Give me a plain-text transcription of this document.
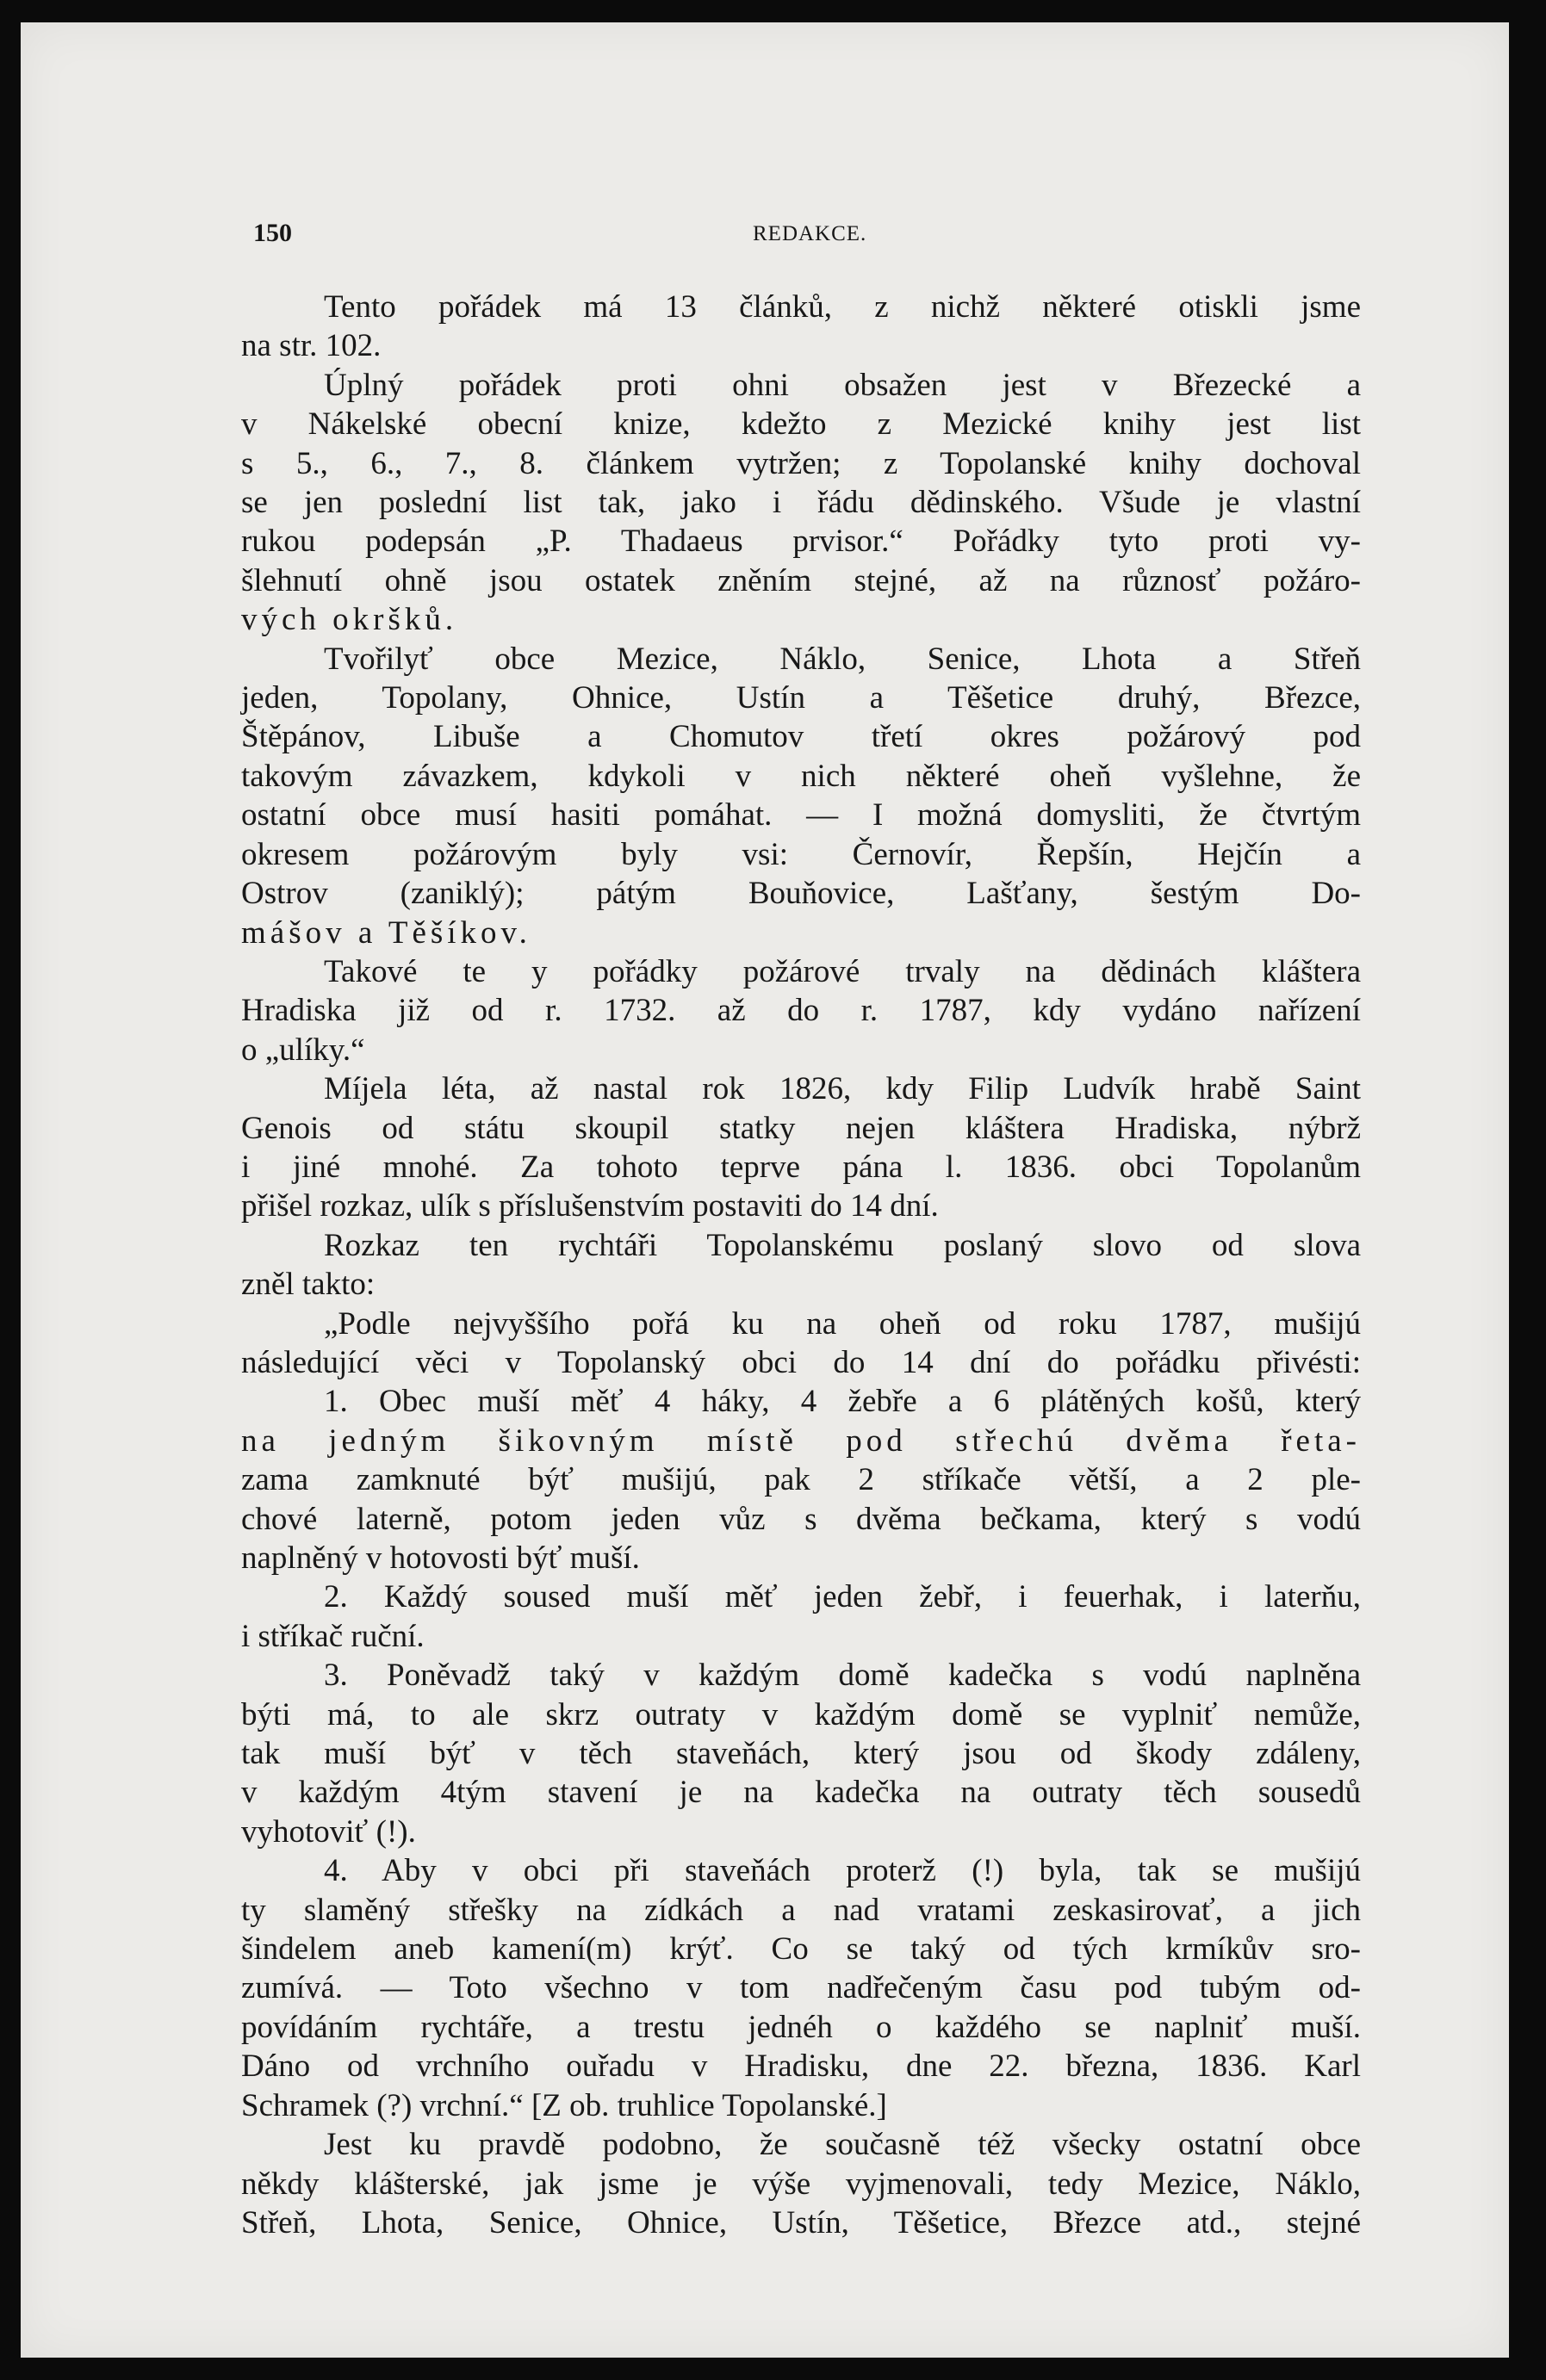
150	REDAKCE.
Tento pořádek má 13 článků, z nichž některé otiskli jsme
na str. 102.
Úplný pořádek proti ohni obsažen jest v Březecké a
v Nákelské obecní knize, kdežto z Mezické knihy jest list
s 5., 6., 7., 8. článkem vytržen; z Topolanské knihy dochoval
se jen poslední list tak, jako i řádu dědinského. Všude je vlastní
rukou podepsán „P. Thadaeus prvisor.“ Pořádky tyto proti vy-
šlehnutí ohně jsou ostatek zněním stejné, až na různosť požáro-
vých okršků.
Tvořilyť obce Mezice, Náklo, Senice, Lhota a Střeň
jeden, Topolany, Ohnice, Ustín a Těšetice druhý, Březce,
Štěpánov, Libuše a Chomutov třetí okres požárový pod
takovým závazkem, kdykoli v nich některé oheň vyšlehne, že
ostatní obce musí hasiti pomáhat. — I možná domysliti, že čtvrtým
okresem požárovým byly vsi: Černovír, Řepšín, Hejčín a
Ostrov (zaniklý); pátým Bouňovice, Lašťany, šestým Do-
mášov a Těšíkov.
Takové te y pořádky požárové trvaly na dědinách kláštera
Hradiska již od r. 1732. až do r. 1787, kdy vydáno nařízení
o „ulíky.“
Míjela léta, až nastal rok 1826, kdy Filip Ludvík hrabě Saint
Genois od státu skoupil statky nejen kláštera Hradiska, nýbrž
i jiné mnohé. Za tohoto teprve pána l. 1836. obci Topolanům
přišel rozkaz, ulík s příslušenstvím postaviti do 14 dní.
Rozkaz ten rychtáři Topolanskému poslaný slovo od slova
zněl takto:
„Podle nejvyššího pořá ku na oheň od roku 1787, mušijú
následující věci v Topolanský obci do 14 dní do pořádku přivésti:
1. Obec muší měť 4 háky, 4 žebře a 6 plátěných košů, který
na jedným šikovným místě pod střechú dvěma řeta-
zama zamknuté býť mušijú, pak 2 stříkače větší, a 2 ple-
chové laterně, potom jeden vůz s dvěma bečkama, který s vodú
naplněný v hotovosti býť muší.
2. Každý soused muší měť jeden žebř, i feuerhak, i laterňu,
i stříkač ruční.
3. Poněvadž taký v každým domě kadečka s vodú naplněna
býti má, to ale skrz outraty v každým domě se vyplniť nemůže,
tak muší býť v těch staveňách, který jsou od škody zdáleny,
v každým 4tým stavení je na kadečka na outraty těch sousedů
vyhotoviť (!).
4. Aby v obci při staveňách proterž (!) byla, tak se mušijú
ty slaměný střešky na zídkách a nad vratami zeskasirovať, a jich
šindelem aneb kamení(m) krýť. Co se taký od tých krmíkův sro-
zumívá. — Toto všechno v tom nadřečeným času pod tubým od-
povídáním rychtáře, a trestu jednéh o každého se naplniť muší.
Dáno od vrchního ouřadu v Hradisku, dne 22. března, 1836. Karl
Schramek (?) vrchní.“ [Z ob. truhlice Topolanské.]
Jest ku pravdě podobno, že současně též všecky ostatní obce
někdy klášterské, jak jsme je výše vyjmenovali, tedy Mezice, Náklo,
Střeň, Lhota, Senice, Ohnice, Ustín, Těšetice, Březce atd., stejné
